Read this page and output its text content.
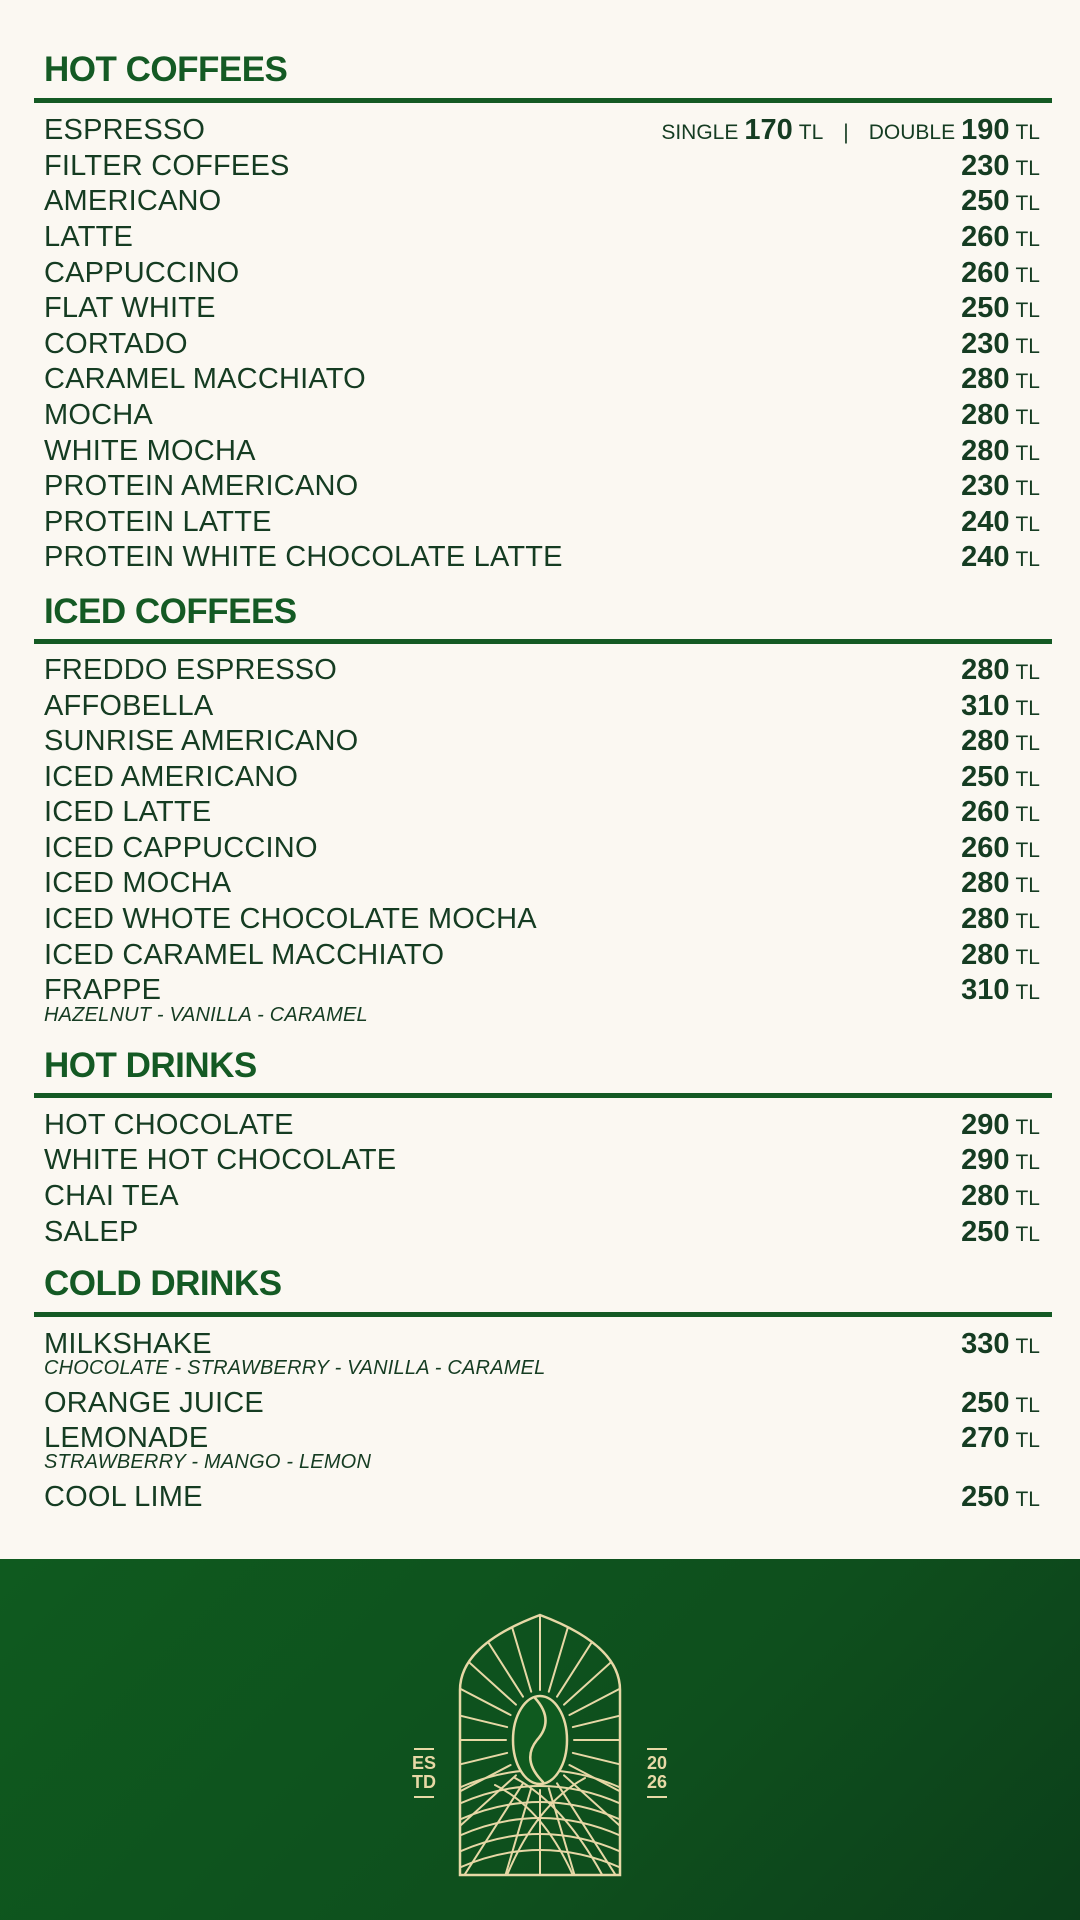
HOT COFFEES
ESPRESSO	SINGLE 170 TL | DOUBLE 190 TL
FILTER COFFEES	230 TL
AMERICANO	250 TL
LATTE	260 TL
CAPPUCCINO	260 TL
FLAT WHITE	250 TL
CORTADO	230 TL
CARAMEL MACCHIATO	280 TL
MOCHA	280 TL
WHITE MOCHA	280 TL
PROTEIN AMERICANO	230 TL
PROTEIN LATTE	240 TL
PROTEIN WHITE CHOCOLATE LATTE	240 TL
ICED COFFEES
FREDDO ESPRESSO	280 TL
AFFOBELLA	310 TL
SUNRISE AMERICANO	280 TL
ICED AMERICANO	250 TL
ICED LATTE	260 TL
ICED CAPPUCCINO	260 TL
ICED MOCHA	280 TL
ICED WHOTE CHOCOLATE MOCHA	280 TL
ICED CARAMEL MACCHIATO	280 TL
FRAPPE	310 TL
HAZELNUT - VANILLA - CARAMEL
HOT DRINKS
HOT CHOCOLATE	290 TL
WHITE HOT CHOCOLATE	290 TL
CHAI TEA	280 TL
SALEP	250 TL
COLD DRINKS
MILKSHAKE	330 TL
CHOCOLATE - STRAWBERRY - VANILLA - CARAMEL
ORANGE JUICE	250 TL
LEMONADE	270 TL
STRAWBERRY - MANGO - LEMON
COOL LIME	250 TL
ES
TD
20
26
